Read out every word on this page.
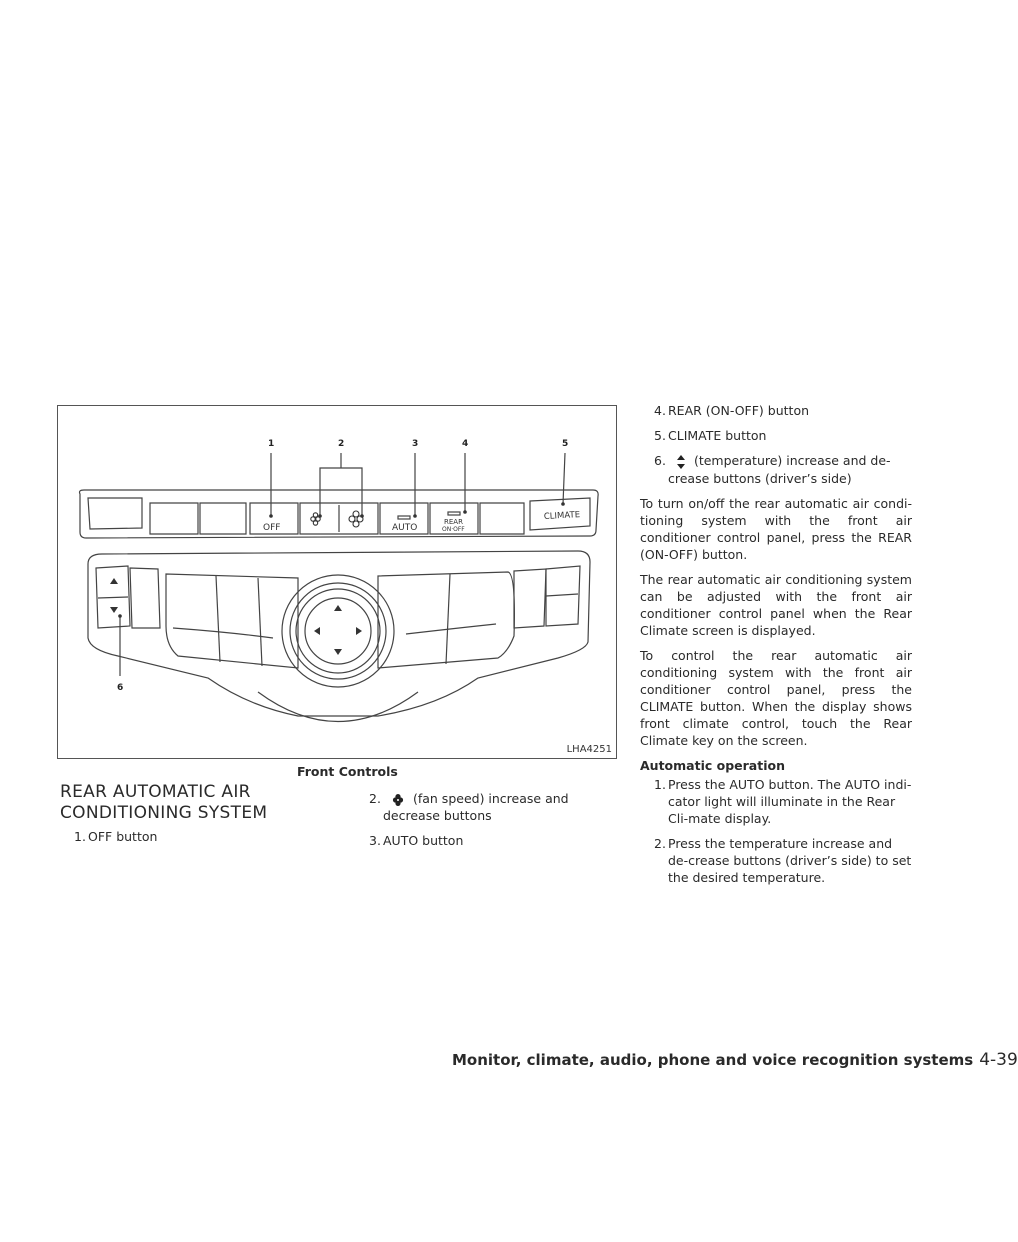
OFF	AUTO
REAR
ON·OFF
CLIMATE
1	2	3	4	5
6
LHA4251
Front Controls
REAR AUTOMATIC AIR CONDITIONING SYSTEM
1. OFF button
2.	(fan speed) increase and decrease buttons
3. AUTO button
4. REAR (ON-OFF) button
5. CLIMATE button
6. (temperature) increase and de-crease buttons (driver’s side)

To turn on/off the rear automatic air condi-tioning system with the front air conditioner control panel, press the REAR (ON-OFF) button.

The rear automatic air conditioning system can be adjusted with the front air conditioner control panel when the Rear Climate screen is displayed.

To control the rear automatic air conditioning system with the front air conditioner control panel, press the CLIMATE button. When the display shows front climate control, touch the Rear Climate key on the screen.

Automatic operation
1. Press the AUTO button. The AUTO indi-cator light will illuminate in the Rear Cli-mate display.
2. Press the temperature increase and de-crease buttons (driver’s side) to set the desired temperature.
Monitor, climate, audio, phone and voice recognition systems 4-39
